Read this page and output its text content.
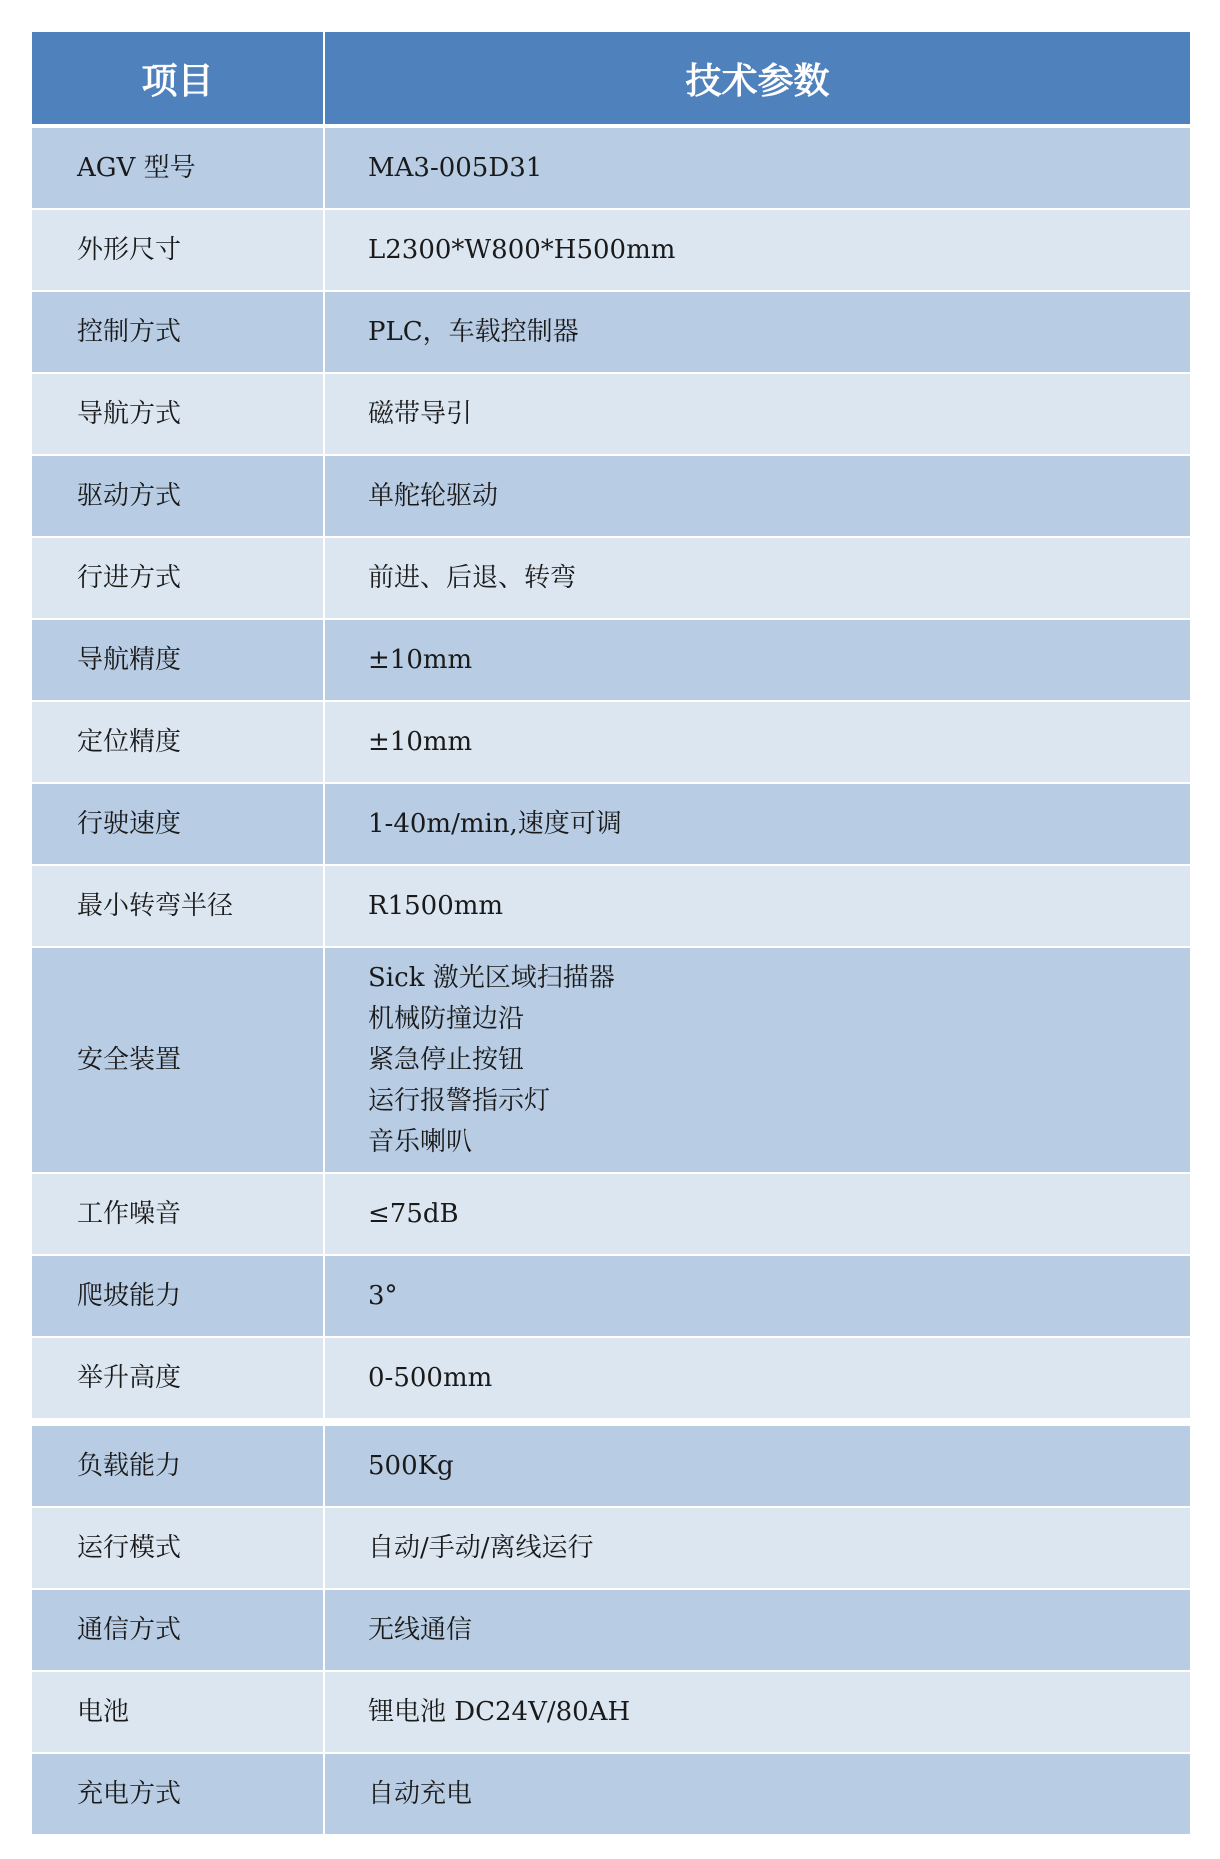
项目	技术参数
AGV 型号	MA3-005D31

外形尺寸	L2300*W800*H500mm

控制方式	PLC，车载控制器

导航方式	磁带导引

驱动方式	单舵轮驱动

行进方式	前进、后退、转弯

导航精度	±10mm

定位精度	±10mm

行驶速度	1-40m/min,速度可调

最小转弯半径	R1500mm

安全装置	Sick 激光区域扫描器
机械防撞边沿
紧急停止按钮
运行报警指示灯
音乐喇叭

工作噪音	≤75dB

爬坡能力	3°

举升高度	0-500mm

负载能力	500Kg

运行模式	自动/手动/离线运行

通信方式	无线通信

电池	锂电池 DC24V/80AH

充电方式	自动充电
